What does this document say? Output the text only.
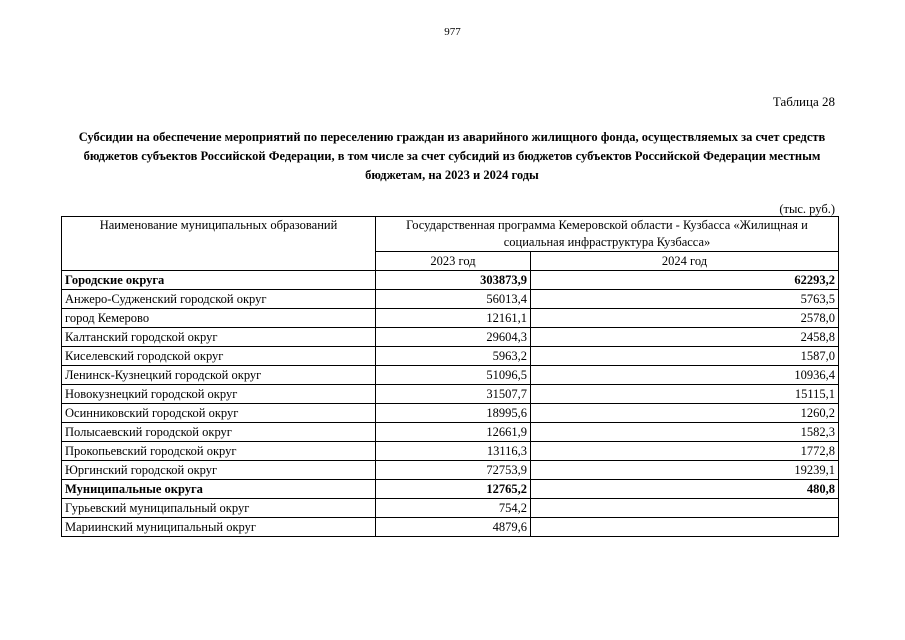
977
Таблица 28
Субсидии на обеспечение мероприятий по переселению граждан из аварийного жилищного фонда, осуществляемых за счет средств бюджетов субъектов Российской Федерации, в том числе за счет субсидий из бюджетов субъектов Российской Федерации местным бюджетам, на 2023 и 2024 годы
(тыс. руб.)
Наименование муниципальных образований	Государственная программа Кемеровской области - Кузбасса «Жилищная и социальная инфраструктура Кузбасса»	
	2023 год	2024 год
Городские округа	303873,9	62293,2
Анжеро-Судженский городской округ	56013,4	5763,5
город Кемерово	12161,1	2578,0
Калтанский городской округ	29604,3	2458,8
Киселевский городской округ	5963,2	1587,0
Ленинск-Кузнецкий городской округ	51096,5	10936,4
Новокузнецкий городской округ	31507,7	15115,1
Осинниковский городской округ	18995,6	1260,2
Полысаевский городской округ	12661,9	1582,3
Прокопьевский городской округ	13116,3	1772,8
Юргинский городской округ	72753,9	19239,1
Муниципальные округа	12765,2	480,8
Гурьевский муниципальный округ	754,2	
Мариинский муниципальный округ	4879,6	
